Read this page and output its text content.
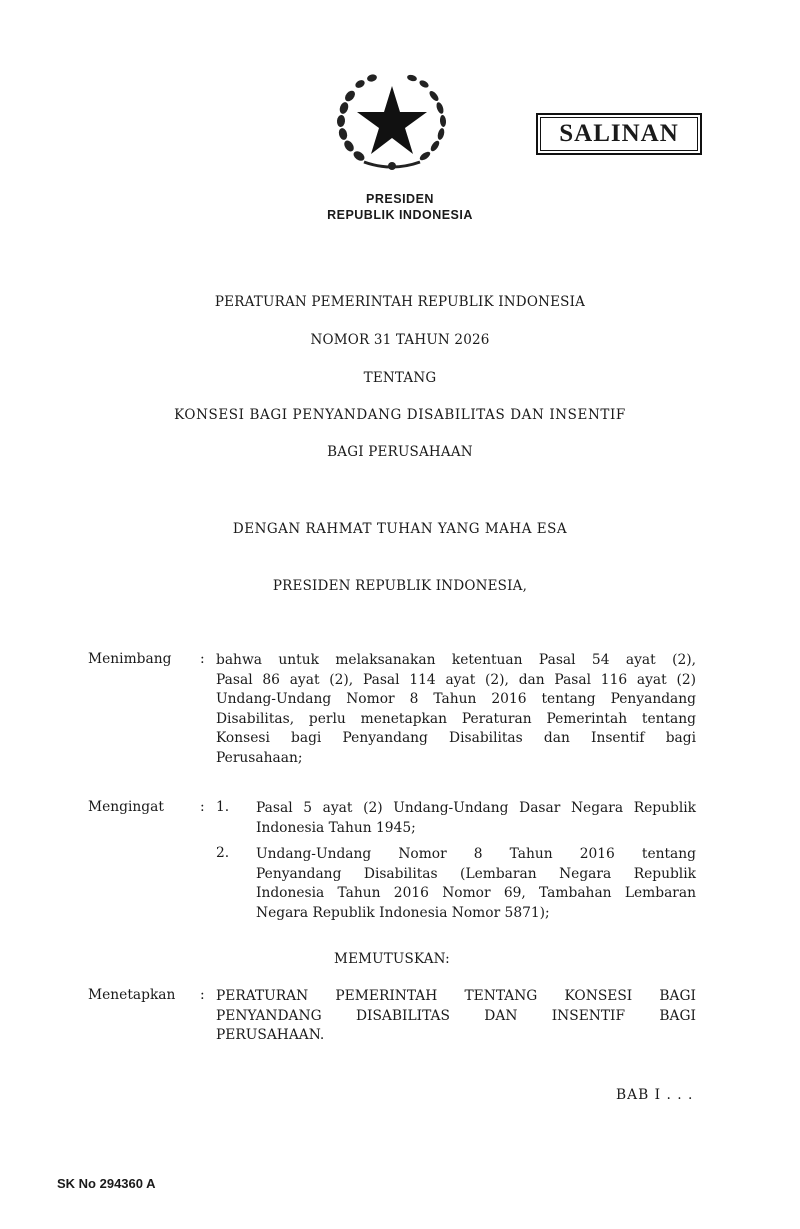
SALINAN
PRESIDEN
REPUBLIK INDONESIA
PERATURAN PEMERINTAH REPUBLIK INDONESIA
NOMOR 31 TAHUN 2026
TENTANG
KONSESI BAGI PENYANDANG DISABILITAS DAN INSENTIF
BAGI PERUSAHAAN
DENGAN RAHMAT TUHAN YANG MAHA ESA
PRESIDEN REPUBLIK INDONESIA,
Menimbang : bahwa untuk melaksanakan ketentuan Pasal 54 ayat (2),
Pasal 86 ayat (2), Pasal 114 ayat (2), dan Pasal 116 ayat (2)
Undang-Undang Nomor 8 Tahun 2016 tentang Penyandang
Disabilitas, perlu menetapkan Peraturan Pemerintah tentang
Konsesi bagi Penyandang Disabilitas dan Insentif bagi
Perusahaan;
Mengingat	: 1. Pasal 5 ayat (2) Undang-Undang Dasar Negara Republik
Indonesia Tahun 1945;
2. Undang-Undang Nomor 8 Tahun 2016 tentang
Penyandang Disabilitas (Lembaran Negara Republik
Indonesia Tahun 2016 Nomor 69, Tambahan Lembaran
Negara Republik Indonesia Nomor 5871);
MEMUTUSKAN:
Menetapkan : PERATURAN PEMERINTAH TENTANG KONSESI BAGI
PENYANDANG DISABILITAS DAN INSENTIF BAGI
PERUSAHAAN.
BAB I . . .
SK No 294360 A
